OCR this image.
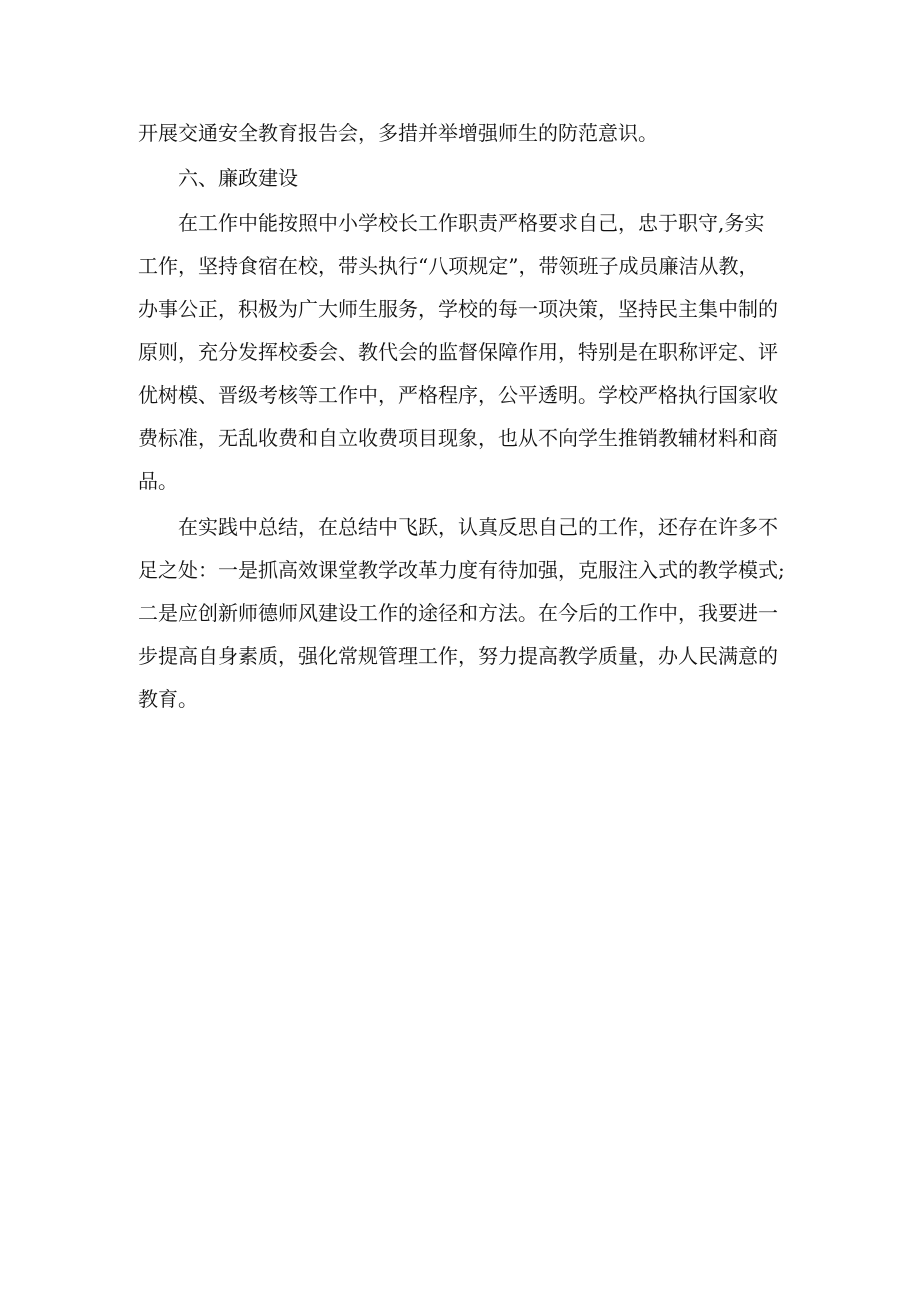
开展交通安全教育报告会，多措并举增强师生的防范意识。
六、廉政建设
在工作中能按照中小学校长工作职责严格要求自己，忠于职守,务实
工作，坚持食宿在校，带头执行“八项规定”，带领班子成员廉洁从教，
办事公正，积极为广大师生服务，学校的每一项决策，坚持民主集中制的
原则，充分发挥校委会、教代会的监督保障作用，特别是在职称评定、评
优树模、晋级考核等工作中，严格程序，公平透明。学校严格执行国家收
费标准，无乱收费和自立收费项目现象，也从不向学生推销教辅材料和商
品。
在实践中总结，在总结中飞跃，认真反思自己的工作，还存在许多不
足之处：一是抓高效课堂教学改革力度有待加强，克服注入式的教学模式;
二是应创新师德师风建设工作的途径和方法。在今后的工作中，我要进一
步提高自身素质，强化常规管理工作，努力提高教学质量，办人民满意的
教育。
